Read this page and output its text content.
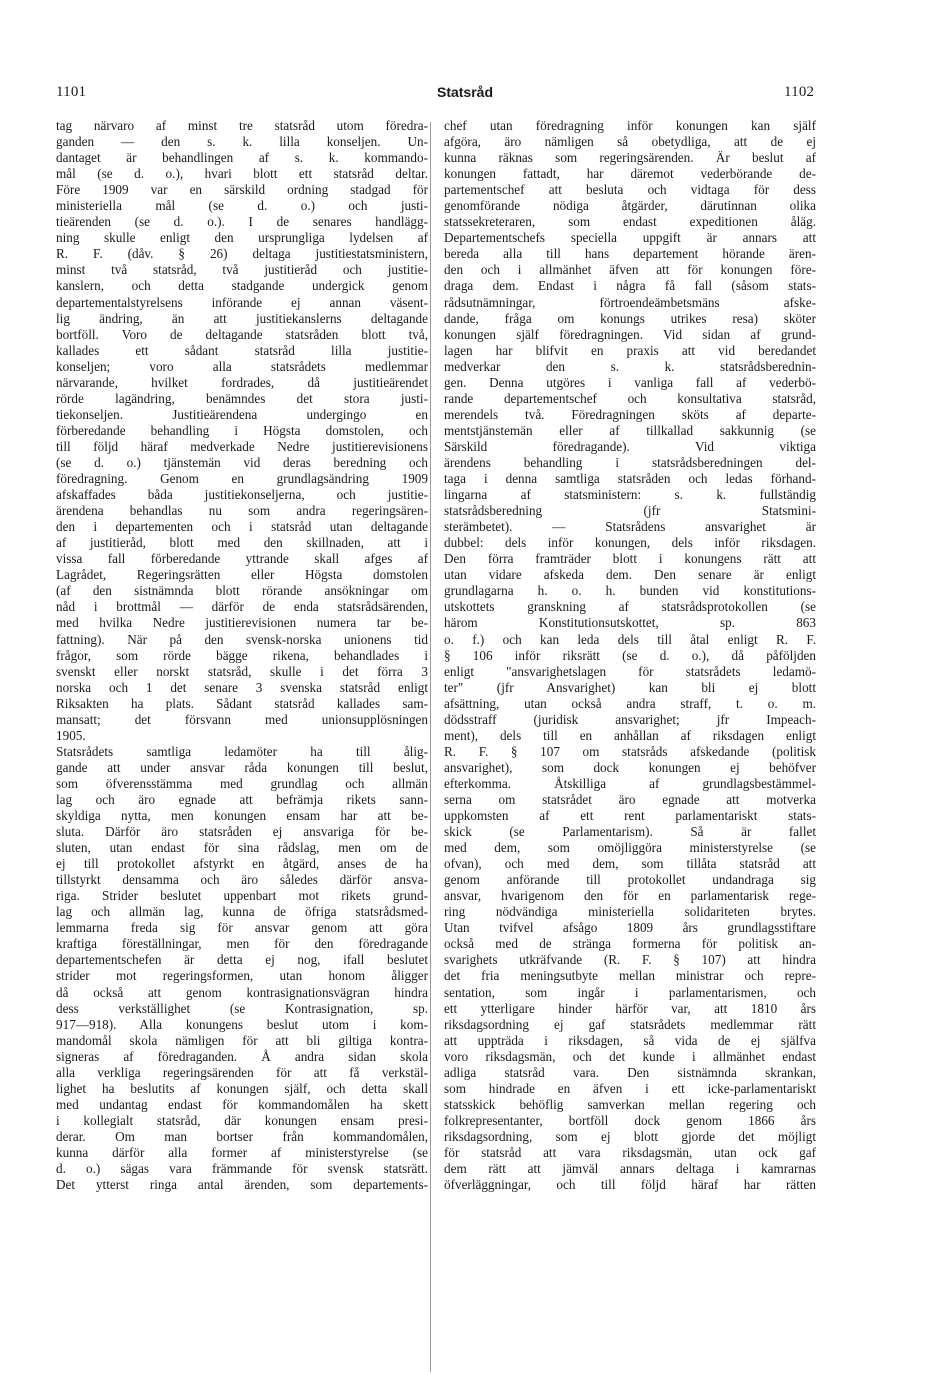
1101	Statsråd	1102
tag närvaro af minst tre statsråd utom föredra-
ganden — den s. k. lilla konseljen. Un-
dantaget är behandlingen af s. k. kommando-
mål (se d. o.), hvari blott ett statsråd deltar.
Före 1909 var en särskild ordning stadgad för
ministeriella mål (se d. o.) och justi-
tieärenden (se d. o.). I de senares handlägg-
ning skulle enligt den ursprungliga lydelsen af
R. F. (dåv. § 26) deltaga justitiestatsministern,
minst två statsråd, två justitieråd och justitie-
kanslern, och detta stadgande undergick genom
departementalstyrelsens införande ej annan väsent-
lig ändring, än att justitiekanslerns deltagande
bortföll. Voro de deltagande statsråden blott två,
kallades ett sådant statsråd lilla justitie-
konseljen; voro alla statsrådets medlemmar
närvarande, hvilket fordrades, då justitieärendet
rörde lagändring, benämndes det stora justi-
tiekonseljen. Justitieärendena undergingo en
förberedande behandling i Högsta domstolen, och
till följd häraf medverkade Nedre justitierevisionens
(se d. o.) tjänstemän vid deras beredning och
föredragning. Genom en grundlagsändring 1909
afskaffades båda justitiekonseljerna, och justitie-
ärendena behandlas nu som andra regeringsären-
den i departementen och i statsråd utan deltagande
af justitieråd, blott med den skillnaden, att i
vissa fall förberedande yttrande skall afges af
Lagrådet, Regeringsrätten eller Högsta domstolen
(af den sistnämnda blott rörande ansökningar om
nåd i brottmål — därför de enda statsrådsärenden,
med hvilka Nedre justitierevisionen numera tar be-
fattning). När på den svensk-norska unionens tid
frågor, som rörde bägge rikena, behandlades i
svenskt eller norskt statsråd, skulle i det förra 3
norska och 1 det senare 3 svenska statsråd enligt
Riksakten ha plats. Sådant statsråd kallades sam-
mansatt; det försvann med unionsupplösningen
1905.
Statsrådets samtliga ledamöter ha till ålig-
gande att under ansvar råda konungen till beslut,
som öfverensstämma med grundlag och allmän
lag och äro egnade att befrämja rikets sann-
skyldiga nytta, men konungen ensam har att be-
sluta. Därför äro statsråden ej ansvariga för be-
sluten, utan endast för sina rådslag, men om de
ej till protokollet afstyrkt en åtgärd, anses de ha
tillstyrkt densamma och äro således därför ansva-
riga. Strider beslutet uppenbart mot rikets grund-
lag och allmän lag, kunna de öfriga statsrådsmed-
lemmarna freda sig för ansvar genom att göra
kraftiga föreställningar, men för den föredragande
departementschefen är detta ej nog, ifall beslutet
strider mot regeringsformen, utan honom åligger
då också att genom kontrasignationsvägran hindra
dess verkställighet (se Kontrasignation, sp.
917—918). Alla konungens beslut utom i kom-
mandomål skola nämligen för att bli giltiga kontra-
signeras af föredraganden. Å andra sidan skola
alla verkliga regeringsärenden för att få verkstäl-
lighet ha beslutits af konungen själf, och detta skall
med undantag endast för kommandomålen ha skett
i kollegialt statsråd, där konungen ensam presi-
derar. Om man bortser från kommandomålen,
kunna därför alla former af ministerstyrelse (se
d. o.) sägas vara främmande för svensk statsrätt.
Det ytterst ringa antal ärenden, som departements-
chef utan föredragning inför konungen kan själf
afgöra, äro nämligen så obetydliga, att de ej
kunna räknas som regeringsärenden. Är beslut af
konungen fattadt, har däremot vederbörande de-
partementschef att besluta och vidtaga för dess
genomförande nödiga åtgärder, därutinnan olika
statssekreteraren, som endast expeditionen åläg.
Departementschefs speciella uppgift är annars att
bereda alla till hans departement hörande ären-
den och i allmänhet äfven att för konungen före-
draga dem. Endast i några få fall (såsom stats-
rådsutnämningar, förtroendeämbetsmäns afske-
dande, fråga om konungs utrikes resa) sköter
konungen själf föredragningen. Vid sidan af grund-
lagen har blifvit en praxis att vid beredandet
medverkar den s. k. statsrådsberednin-
gen. Denna utgöres i vanliga fall af vederbö-
rande departementschef och konsultativa statsråd,
merendels två. Föredragningen sköts af departe-
mentstjänstemän eller af tillkallad sakkunnig (se
Särskild föredragande). Vid viktiga
ärendens behandling i statsrådsberedningen del-
taga i denna samtliga statsråden och ledas förhand-
lingarna af statsministern: s. k. fullständig
statsrådsberedning (jfr Statsmini-
sterämbetet). — Statsrådens ansvarighet är
dubbel: dels inför konungen, dels inför riksdagen.
Den förra framträder blott i konungens rätt att
utan vidare afskeda dem. Den senare är enligt
grundlagarna h. o. h. bunden vid konstitutions-
utskottets granskning af statsrådsprotokollen (se
härom Konstitutionsutskottet, sp. 863
o. f.) och kan leda dels till åtal enligt R. F.
§ 106 inför riksrätt (se d. o.), då påföljden
enligt "ansvarighetslagen för statsrådets ledamö-
ter" (jfr Ansvarighet) kan bli ej blott
afsättning, utan också andra straff, t. o. m.
dödsstraff (juridisk ansvarighet; jfr Impeach-
ment), dels till en anhållan af riksdagen enligt
R. F. § 107 om statsråds afskedande (politisk
ansvarighet), som dock konungen ej behöfver
efterkomma. Åtskilliga af grundlagsbestämmel-
serna om statsrådet äro egnade att motverka
uppkomsten af ett rent parlamentariskt stats-
skick (se Parlamentarism). Så är fallet
med dem, som omöjliggöra ministerstyrelse (se
ofvan), och med dem, som tillåta statsråd att
genom anförande till protokollet undandraga sig
ansvar, hvarigenom den för en parlamentarisk rege-
ring nödvändiga ministeriella solidariteten brytes.
Utan tvifvel afsågo 1809 års grundlagsstiftare
också med de stränga formerna för politisk an-
svarighets utkräfvande (R. F. § 107) att hindra
det fria meningsutbyte mellan ministrar och repre-
sentation, som ingår i parlamentarismen, och
ett ytterligare hinder härför var, att 1810 års
riksdagsordning ej gaf statsrådets medlemmar rätt
att uppträda i riksdagen, så vida de ej själfva
voro riksdagsmän, och det kunde i allmänhet endast
adliga statsråd vara. Den sistnämnda skrankan,
som hindrade en äfven i ett icke-parlamentariskt
statsskick behöflig samverkan mellan regering och
folkrepresentanter, bortföll dock genom 1866 års
riksdagsordning, som ej blott gjorde det möjligt
för statsråd att vara riksdagsmän, utan ock gaf
dem rätt att jämväl annars deltaga i kamrarnas
öfverläggningar, och till följd häraf har rätten
